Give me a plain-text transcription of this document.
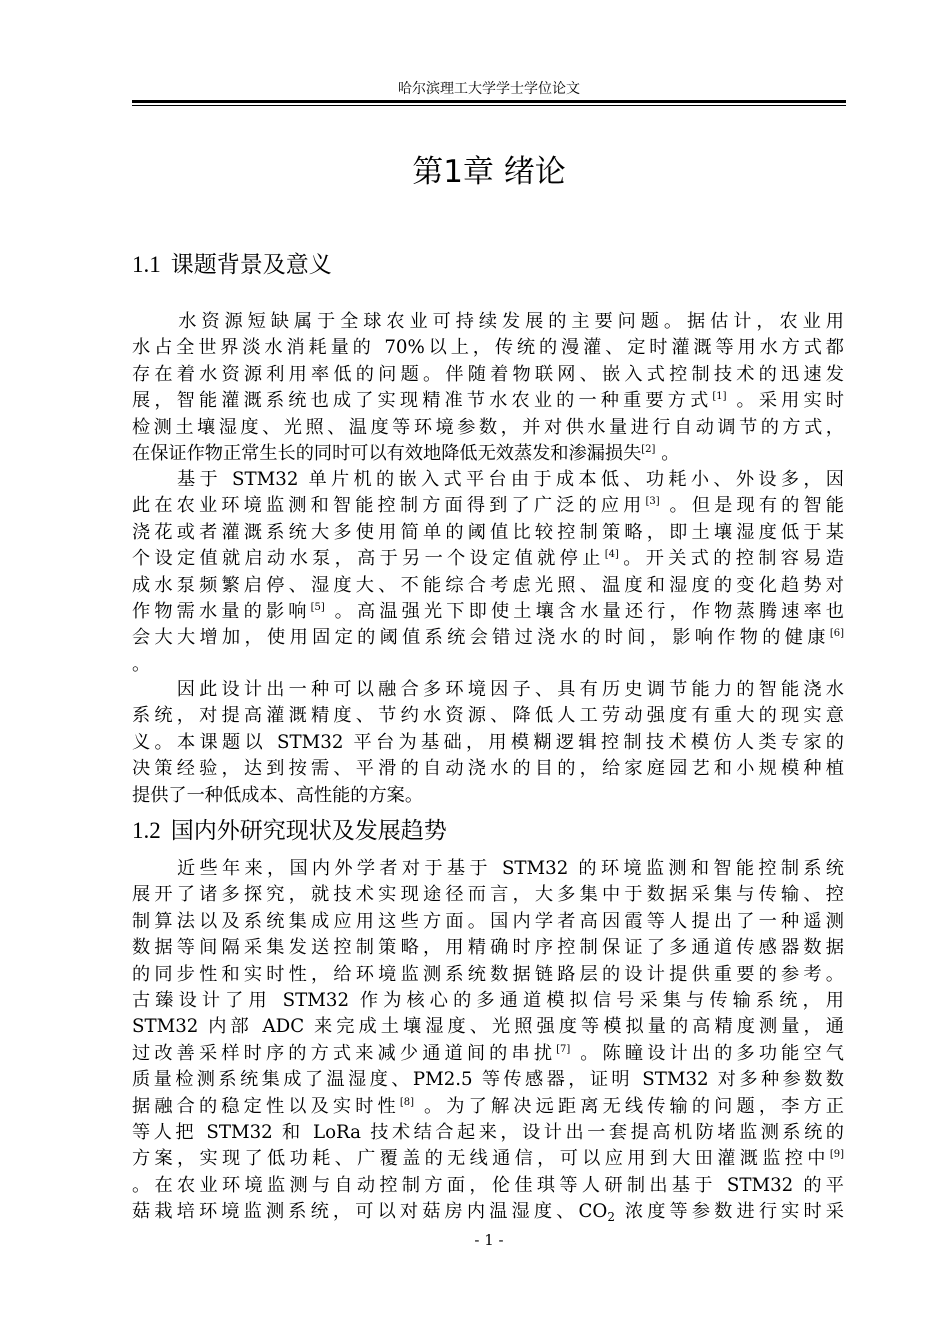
哈尔滨理工大学学士学位论文
第1章 绪论
1.1 课题背景及意义

　　水资源短缺属于全球农业可持续发展的主要问题。据估计，农业用
水占全世界淡水消耗量的 70%以上，传统的漫灌、定时灌溉等用水方式都
存在着水资源利用率低的问题。伴随着物联网、嵌入式控制技术的迅速发
展，智能灌溉系统也成了实现精准节水农业的一种重要方式[1] 。采用实时
检测土壤湿度、光照、温度等环境参数，并对供水量进行自动调节的方式，
在保证作物正常生长的同时可以有效地降低无效蒸发和渗漏损失[2] 。

　　基于 STM32 单片机的嵌入式平台由于成本低、功耗小、外设多，因
此在农业环境监测和智能控制方面得到了广泛的应用[3] 。但是现有的智能
浇花或者灌溉系统大多使用简单的阈值比较控制策略，即土壤湿度低于某
个设定值就启动水泵，高于另一个设定值就停止[4]。开关式的控制容易造
成水泵频繁启停、湿度大、不能综合考虑光照、温度和湿度的变化趋势对
作物需水量的影响[5] 。高温强光下即使土壤含水量还行，作物蒸腾速率也
会大大增加，使用固定的阈值系统会错过浇水的时间，影响作物的健康[6]
。

　　因此设计出一种可以融合多环境因子、具有历史调节能力的智能浇水
系统，对提高灌溉精度、节约水资源、降低人工劳动强度有重大的现实意
义。本课题以 STM32 平台为基础，用模糊逻辑控制技术模仿人类专家的
决策经验，达到按需、平滑的自动浇水的目的，给家庭园艺和小规模种植
提供了一种低成本、高性能的方案。

1.2 国内外研究现状及发展趋势

　　近些年来，国内外学者对于基于 STM32 的环境监测和智能控制系统
展开了诸多探究，就技术实现途径而言，大多集中于数据采集与传输、控
制算法以及系统集成应用这些方面。国内学者高因霞等人提出了一种遥测
数据等间隔采集发送控制策略，用精确时序控制保证了多通道传感器数据
的同步性和实时性，给环境监测系统数据链路层的设计提供重要的参考。
古臻设计了用 STM32 作为核心的多通道模拟信号采集与传输系统，用
STM32 内部 ADC 来完成土壤湿度、光照强度等模拟量的高精度测量，通
过改善采样时序的方式来减少通道间的串扰[7] 。陈瞳设计出的多功能空气
质量检测系统集成了温湿度、PM2.5 等传感器，证明 STM32 对多种参数数
据融合的稳定性以及实时性[8] 。为了解决远距离无线传输的问题，李方正
等人把 STM32 和 LoRa 技术结合起来，设计出一套提高机防堵监测系统的
方案，实现了低功耗、广覆盖的无线通信，可以应用到大田灌溉监控中[9]
。在农业环境监测与自动控制方面，伦佳琪等人研制出基于 STM32 的平
菇栽培环境监测系统，可以对菇房内温湿度、$CO_2$ 浓度等参数进行实时采

- 1 -
